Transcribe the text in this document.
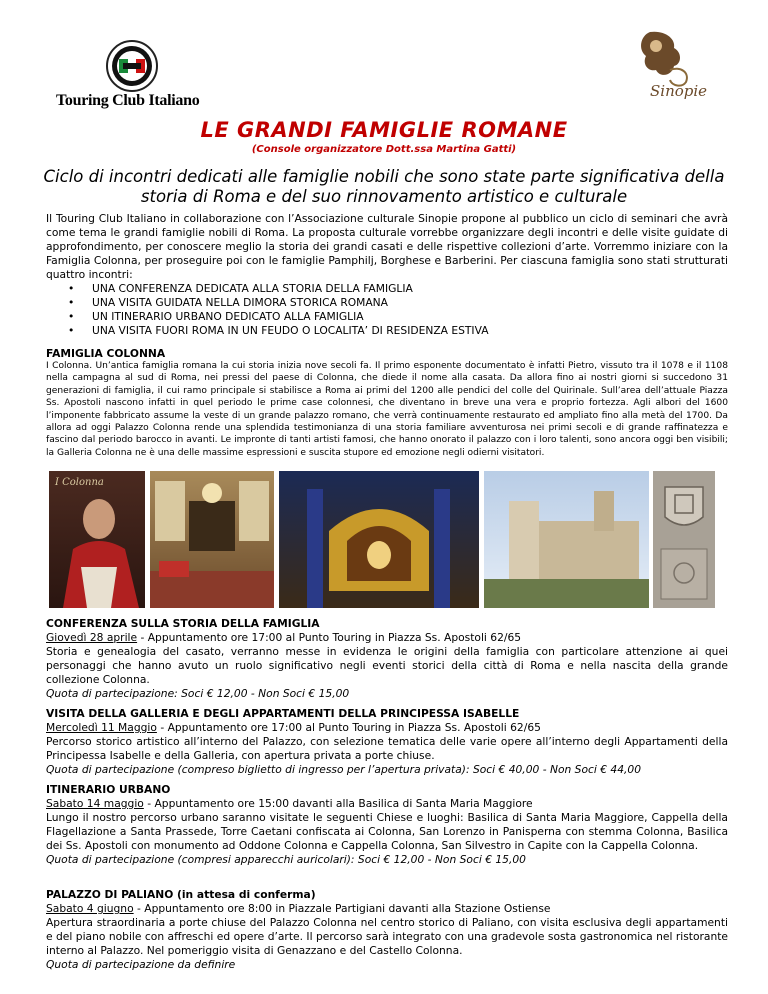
Touring Club Italiano
Sinopie
LE GRANDI FAMIGLIE ROMANE
(Console organizzatore Dott.ssa Martina Gatti)
Ciclo di incontri dedicati alle famiglie nobili che sono state parte significativa della storia di Roma e del suo rinnovamento artistico e culturale
Il Touring Club Italiano in collaborazione con l’Associazione culturale Sinopie propone al pubblico un ciclo di seminari che avrà come tema le grandi famiglie nobili di Roma. La proposta culturale vorrebbe organizzare degli incontri e delle visite guidate di approfondimento, per conoscere meglio la storia dei grandi casati e delle rispettive collezioni d’arte. Vorremmo iniziare con la Famiglia Colonna, per proseguire poi con le famiglie Pamphilj, Borghese e Barberini. Per ciascuna famiglia sono stati strutturati quattro incontri:
• UNA CONFERENZA DEDICATA ALLA STORIA DELLA FAMIGLIA
• UNA VISITA GUIDATA NELLA DIMORA STORICA ROMANA
• UN ITINERARIO URBANO DEDICATO ALLA FAMIGLIA
• UNA VISITA FUORI ROMA IN UN FEUDO O LOCALITA’ DI RESIDENZA ESTIVA
FAMIGLIA COLONNA
I Colonna. Un’antica famiglia romana la cui storia inizia nove secoli fa. Il primo esponente documentato è infatti Pietro, vissuto tra il 1078 e il 1108 nella campagna al sud di Roma, nei pressi del paese di Colonna, che diede il nome alla casata. Da allora fino ai nostri giorni si succedono 31 generazioni di famiglia, il cui ramo principale si stabilisce a Roma ai primi del 1200 alle pendici del colle del Quirinale. Sull’area dell’attuale Piazza Ss. Apostoli nascono infatti in quel periodo le prime case colonnesi, che diventano in breve una vera e proprio fortezza. Agli albori del 1600 l’imponente fabbricato assume la veste di un grande palazzo romano, che verrà continuamente restaurato ed ampliato fino alla metà del 1700. Da allora ad oggi Palazzo Colonna rende una splendida testimonianza di una storia familiare avventurosa nei primi secoli e di grande raffinatezza e fascino dal periodo barocco in avanti. Le impronte di tanti artisti famosi, che hanno onorato il palazzo con i loro talenti, sono ancora oggi ben visibili; la Galleria Colonna ne è una delle massime espressioni e suscita stupore ed emozione negli odierni visitatori.
I Colonna
CONFERENZA SULLA STORIA DELLA FAMIGLIA
Giovedì 28 aprile - Appuntamento ore 17:00 al Punto Touring in Piazza Ss. Apostoli 62/65
Storia e genealogia del casato, verranno messe in evidenza le origini della famiglia con particolare attenzione ai quei personaggi che hanno avuto un ruolo significativo negli eventi storici della città di Roma e nella nascita della grande collezione Colonna.
Quota di partecipazione: Soci € 12,00 - Non Soci € 15,00
VISITA DELLA GALLERIA E DEGLI APPARTAMENTI DELLA PRINCIPESSA ISABELLE
Mercoledì 11 Maggio - Appuntamento ore 17:00 al Punto Touring in Piazza Ss. Apostoli 62/65
Percorso storico artistico all’interno del Palazzo, con selezione tematica delle varie opere all’interno degli Appartamenti della Principessa Isabelle e della Galleria, con apertura privata a porte chiuse.
Quota di partecipazione (compreso biglietto di ingresso per l’apertura privata): Soci € 40,00 - Non Soci € 44,00
ITINERARIO URBANO
Sabato 14 maggio - Appuntamento ore 15:00 davanti alla Basilica di Santa Maria Maggiore
Lungo il nostro percorso urbano saranno visitate le seguenti Chiese e luoghi: Basilica di Santa Maria Maggiore, Cappella della Flagellazione a Santa Prassede, Torre Caetani confiscata ai Colonna, San Lorenzo in Panisperna con stemma Colonna, Basilica dei Ss. Apostoli con monumento ad Oddone Colonna e Cappella Colonna, San Silvestro in Capite con la Cappella Colonna.
Quota di partecipazione (compresi apparecchi auricolari): Soci € 12,00 - Non Soci € 15,00
PALAZZO DI PALIANO (in attesa di conferma)
Sabato 4 giugno - Appuntamento ore 8:00 in Piazzale Partigiani davanti alla Stazione Ostiense
Apertura straordinaria a porte chiuse del Palazzo Colonna nel centro storico di Paliano, con visita esclusiva degli appartamenti e del piano nobile con affreschi ed opere d’arte. Il percorso sarà integrato con una gradevole sosta gastronomica nel ristorante interno al Palazzo. Nel pomeriggio visita di Genazzano e del Castello Colonna.
Quota di partecipazione da definire
